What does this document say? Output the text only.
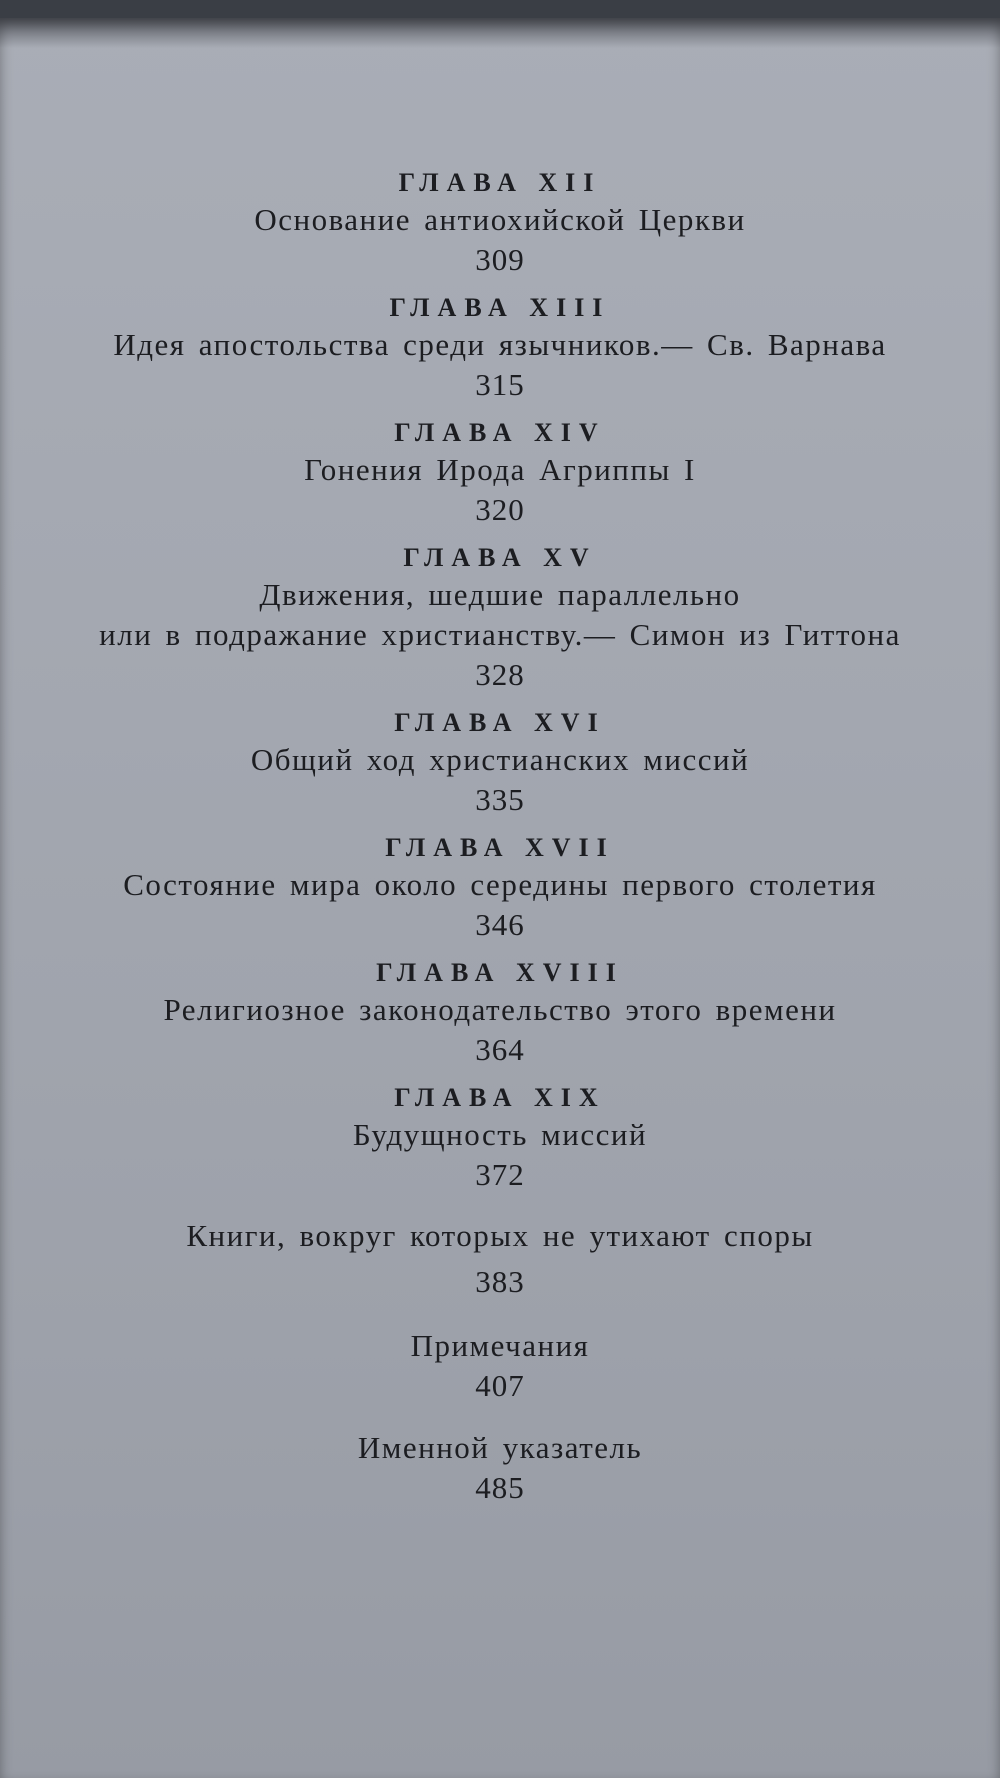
ГЛАВА XII
Основание антиохийской Церкви
309
ГЛАВА XIII
Идея апостольства среди язычников.— Св. Варнава
315
ГЛАВА XIV
Гонения Ирода Агриппы I
320
ГЛАВА XV
Движения, шедшие параллельно
или в подражание христианству.— Симон из Гиттона
328
ГЛАВА XVI
Общий ход христианских миссий
335
ГЛАВА XVII
Состояние мира около середины первого столетия
346
ГЛАВА XVIII
Религиозное законодательство этого времени
364
ГЛАВА XIX
Будущность миссий
372
Книги, вокруг которых не утихают споры
383
Примечания
407
Именной указатель
485
